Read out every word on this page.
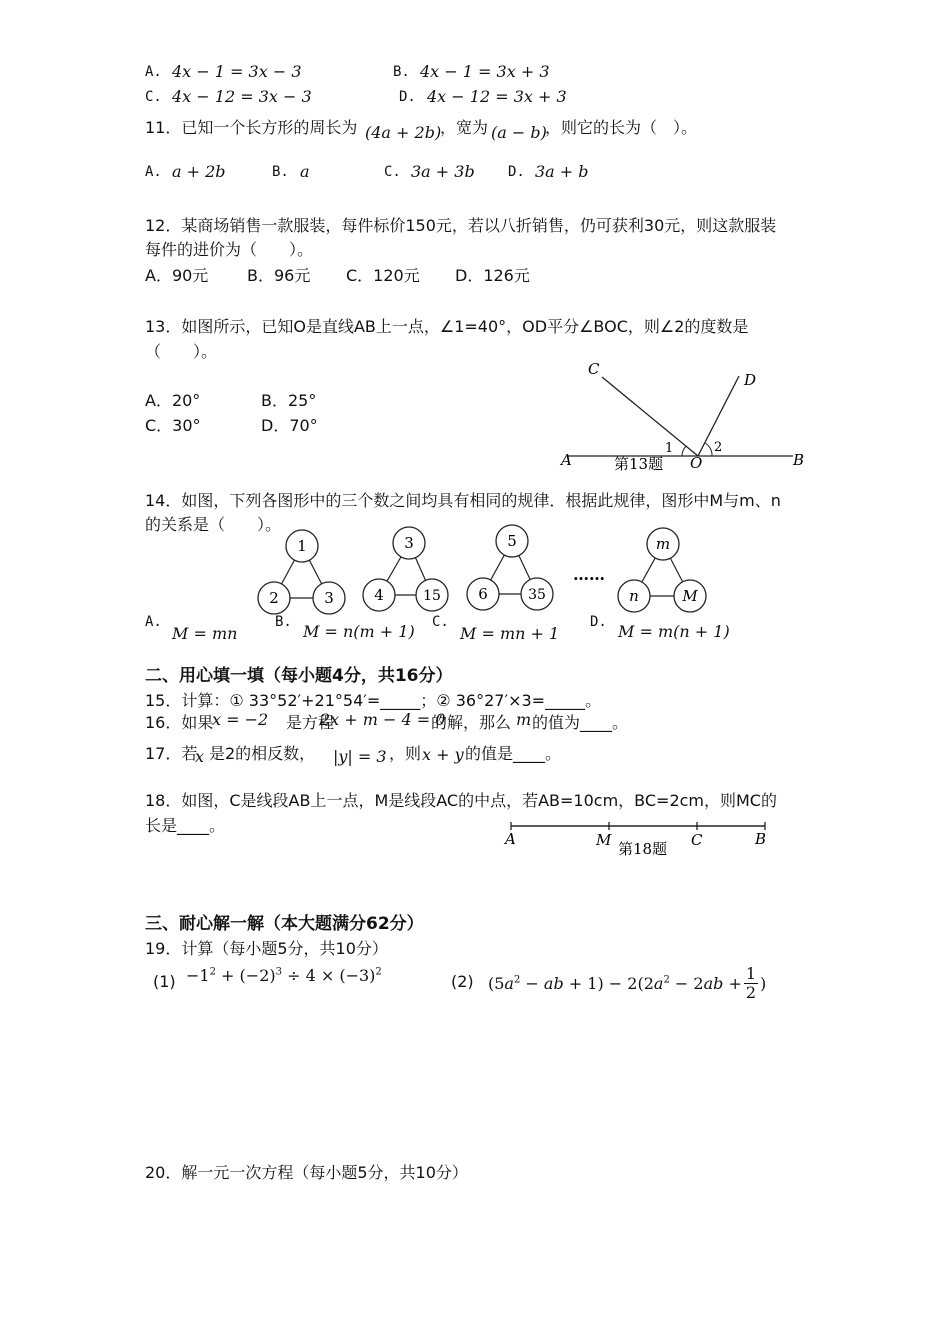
A. 4x − 1 = 3x − 3	B. 4x − 1 = 3x + 3
C. 4x − 12 = 3x − 3	D. 4x − 12 = 3x + 3
11．已知一个长方形的周长为 (4a + 2b)
，宽为 (a − b)
，则它的长为（　）。
A. a + 2b	B. a	C. 3a + 3b D. 3a + b
12．某商场销售一款服装，每件标价150元，若以八折销售，仍可获利30元，则这款服装
每件的进价为（　　）。
A．90元 B．96元 C．120元 D．126元
13．如图所示，已知O是直线AB上一点，∠1=40°，OD平分∠BOC，则∠2的度数是
（　　）。
A．20°	B．25°
C．30°	D．70°
A	B
C
D
O
1	2
第13题
14．如图，下列各图形中的三个数之间均具有相同的规律．根据此规律，图形中M与m、n
的关系是（　　）。
1
2	3
3
4	15
5
6	35
……
m
n	M
A.
M = mn
B. M = n(m + 1) C.
M = mn + 1
D. M = m(n + 1)
二、用心填一填（每小题4分，共16分）
15．计算：① 33°52′+21°54′=_____；② 36°27′×3=_____。
16．如果
x = −2 是方程
2x + m − 4 = 0
的解，那么 m 的值为____。
17．若
x 是2的相反数， |y| = 3 ，则 x + y 的值是____。
18．如图，C是线段AB上一点，M是线段AC的中点，若AB=10cm，BC=2cm，则MC的
长是____。
A	M	C	B
第18题
三、耐心解一解（本大题满分62分）
19．计算（每小题5分，共10分）
$(1) -1^2 + (-2)^3 \div 4 \times (-3)^2$	(2) ($5a^2$ − ab + $1) - 2(2a^2 - 2ab + \frac{1}{2}$ )
20．解一元一次方程（每小题5分，共10分）
